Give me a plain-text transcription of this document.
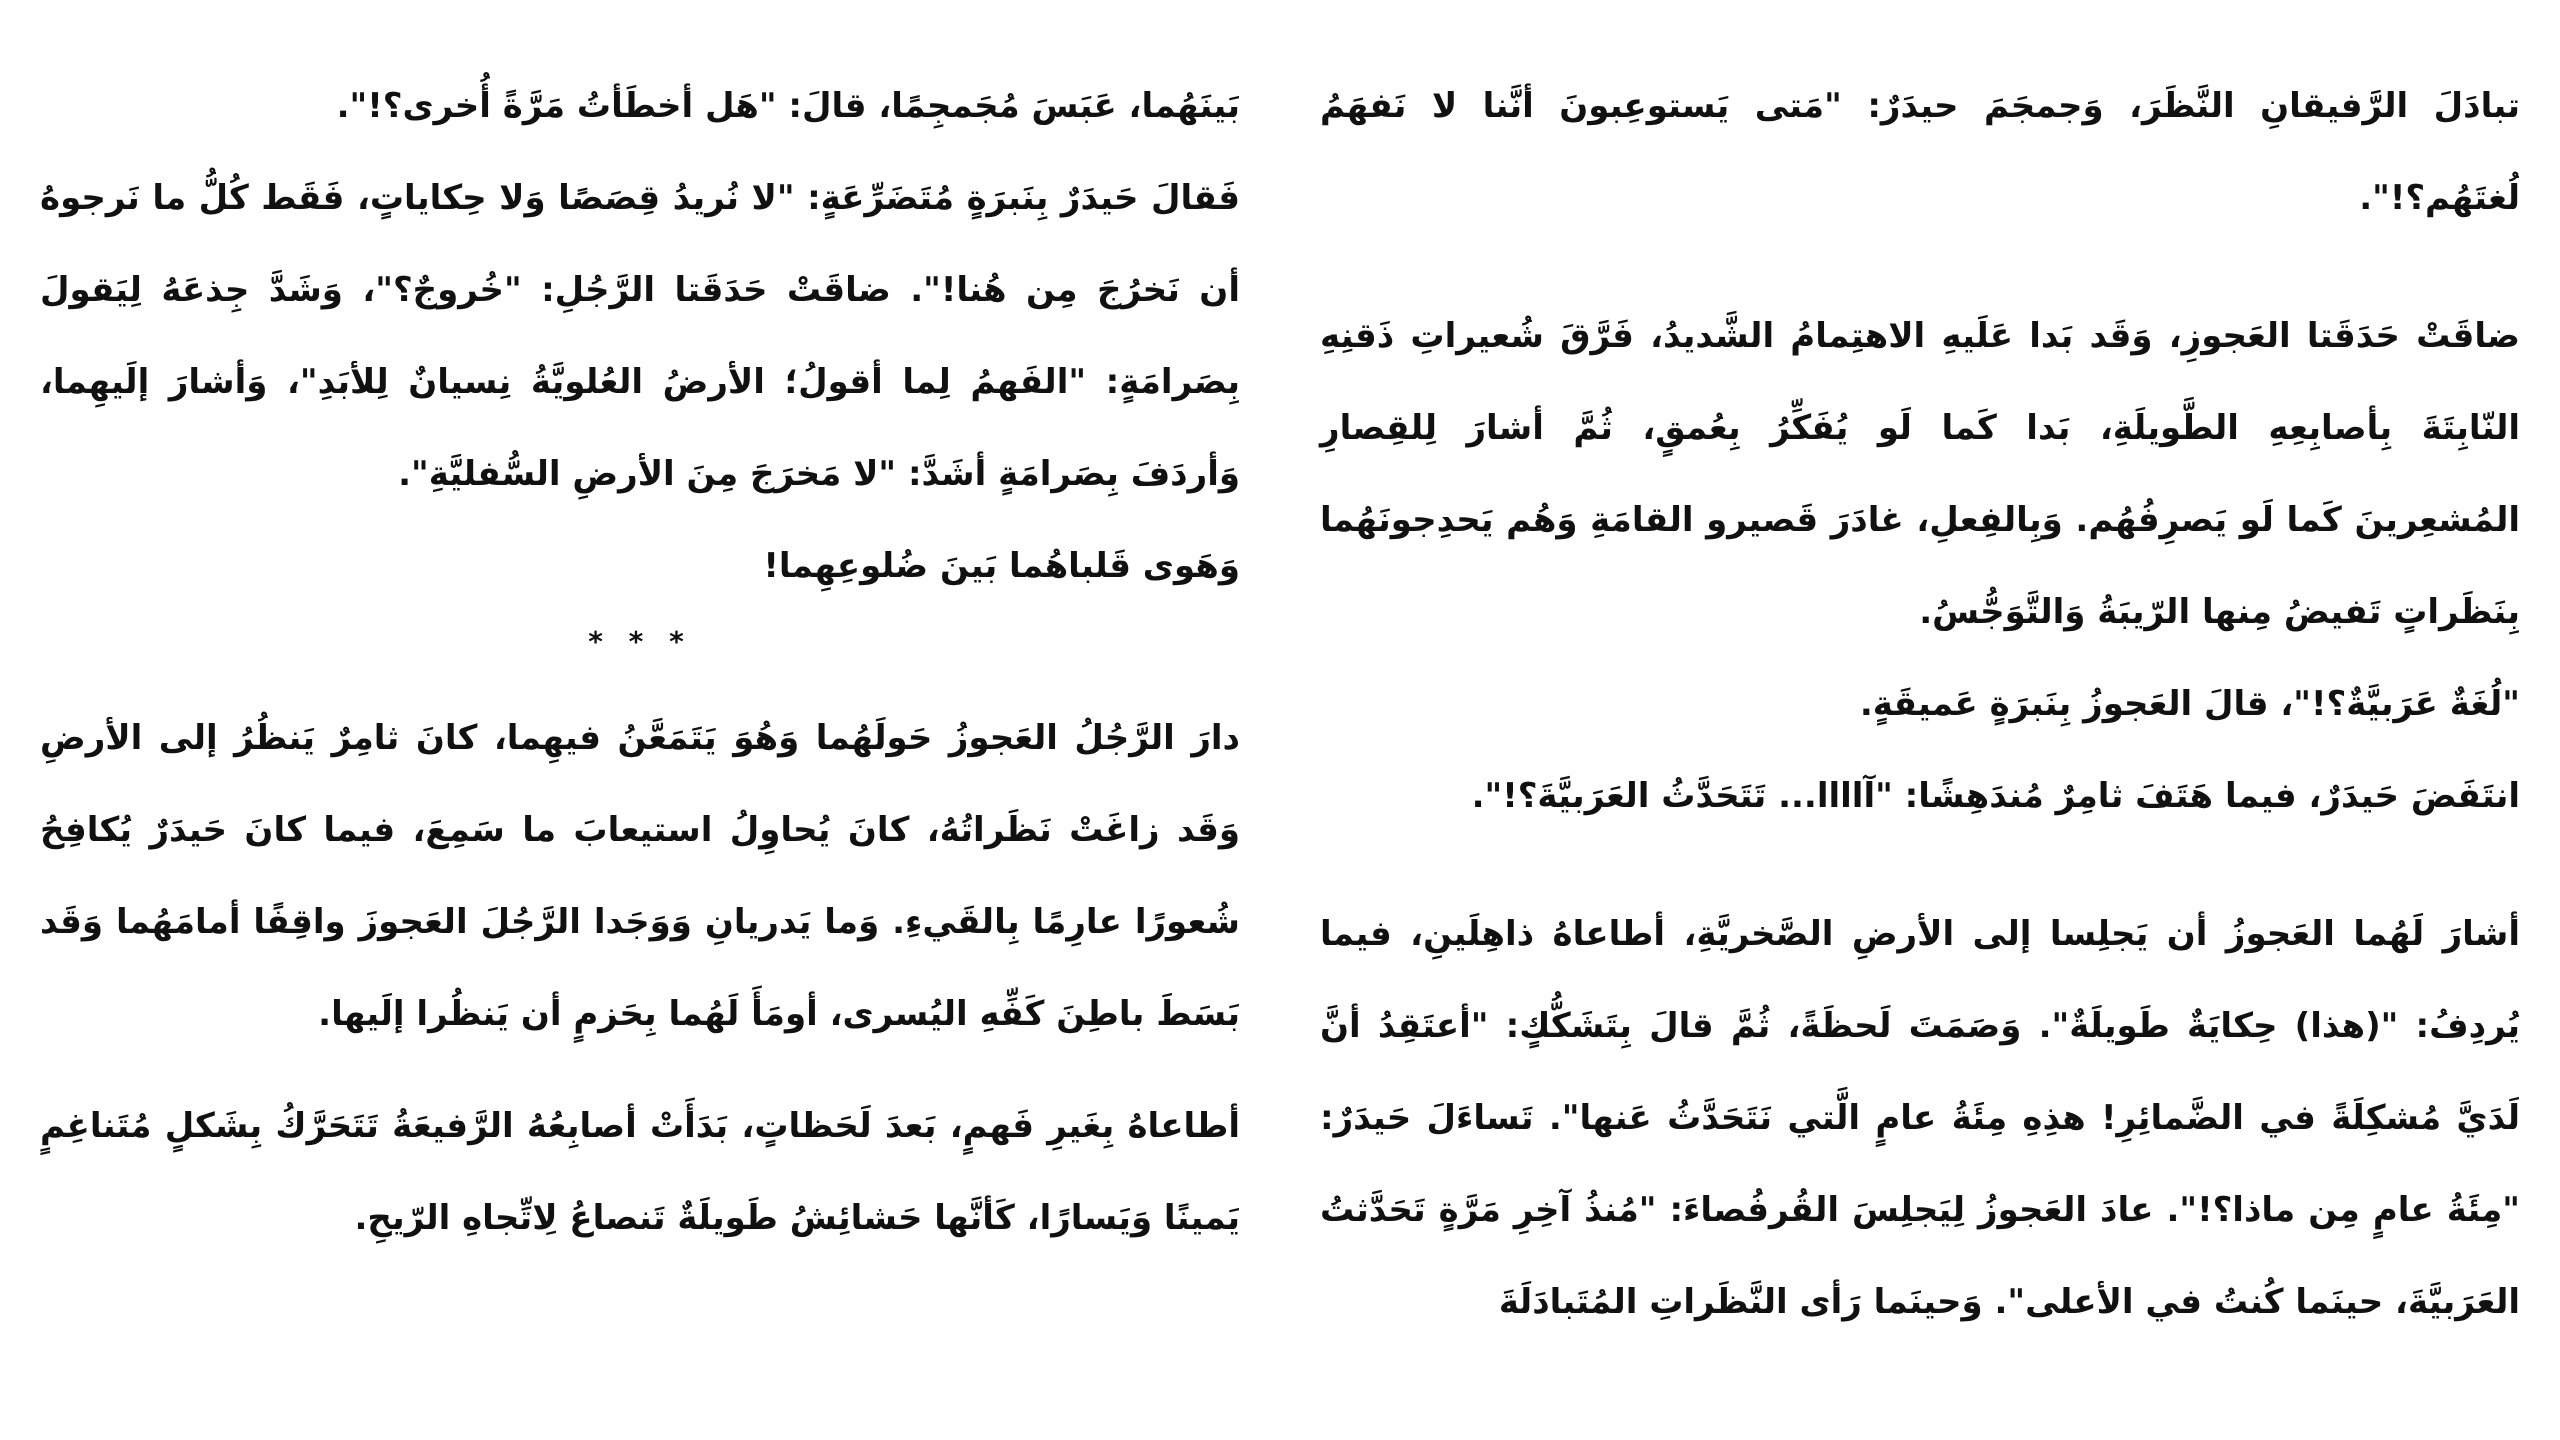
تبادَلَ الرَّفيقانِ النَّظَرَ، وَجمجَمَ حيدَرٌ: "مَتى يَستوعِبونَ أنَّنا لا نَفهَمُ لُغتَهُم؟!".

ضاقَتْ حَدَقَتا العَجوزِ، وَقَد بَدا عَلَيهِ الاهتِمامُ الشَّديدُ، فَرَّقَ شُعيراتِ ذَقنِهِ النّابِتَةَ بِأصابِعِهِ الطَّويلَةِ، بَدا كَما لَو يُفَكِّرُ بِعُمقٍ، ثُمَّ أشارَ لِلقِصارِ المُشعِرينَ كَما لَو يَصرِفُهُم. وَبِالفِعلِ، غادَرَ قَصيرو القامَةِ وَهُم يَحدِجونَهُما بِنَظَراتٍ تَفيضُ مِنها الرّيبَةُ وَالتَّوَجُّسُ.

"لُغَةٌ عَرَبيَّةٌ؟!"، قالَ العَجوزُ بِنَبرَةٍ عَميقَةٍ.

انتَفَضَ حَيدَرٌ، فيما هَتَفَ ثامِرٌ مُندَهِشًا: "آاااا... تَتَحَدَّثُ العَرَبيَّةَ؟!".

أشارَ لَهُما العَجوزُ أن يَجلِسا إلى الأرضِ الصَّخريَّةِ، أطاعاهُ ذاهِلَينِ، فيما يُردِفُ: "(هذا) حِكايَةٌ طَويلَةٌ". وَصَمَتَ لَحظَةً، ثُمَّ قالَ بِتَشَكُّكٍ: "أعتَقِدُ أنَّ لَدَيَّ مُشكِلَةً في الضَّمائِرِ! هذِهِ مِئَةُ عامٍ الَّتي نَتَحَدَّثُ عَنها". تَساءَلَ حَيدَرٌ: "مِئَةُ عامٍ مِن ماذا؟!". عادَ العَجوزُ لِيَجلِسَ القُرفُصاءَ: "مُنذُ آخِرِ مَرَّةٍ تَحَدَّثتُ العَرَبيَّةَ، حينَما كُنتُ في الأعلى". وَحينَما رَأى النَّظَراتِ المُتَبادَلَةَ

بَينَهُما، عَبَسَ مُجَمجِمًا، قالَ: "هَل أخطَأتُ مَرَّةً أُخرى؟!".

فَقالَ حَيدَرٌ بِنَبرَةٍ مُتَضَرِّعَةٍ: "لا نُريدُ قِصَصًا وَلا حِكاياتٍ، فَقَط كُلُّ ما نَرجوهُ أن نَخرُجَ مِن هُنا!". ضاقَتْ حَدَقَتا الرَّجُلِ: "خُروجٌ؟"، وَشَدَّ جِذعَهُ لِيَقولَ بِصَرامَةٍ: "الفَهمُ لِما أقولُ؛ الأرضُ العُلويَّةُ نِسيانٌ لِلأبَدِ"، وَأشارَ إلَيهِما، وَأردَفَ بِصَرامَةٍ أشَدَّ: "لا مَخرَجَ مِنَ الأرضِ السُّفليَّةِ".

وَهَوى قَلباهُما بَينَ ضُلوعِهِما!

* * *

دارَ الرَّجُلُ العَجوزُ حَولَهُما وَهُوَ يَتَمَعَّنُ فيهِما، كانَ ثامِرٌ يَنظُرُ إلى الأرضِ وَقَد زاغَتْ نَظَراتُهُ، كانَ يُحاوِلُ استيعابَ ما سَمِعَ، فيما كانَ حَيدَرٌ يُكافِحُ شُعورًا عارِمًا بِالقَيءِ. وَما يَدريانِ وَوَجَدا الرَّجُلَ العَجوزَ واقِفًا أمامَهُما وَقَد بَسَطَ باطِنَ كَفِّهِ اليُسرى، أومَأَ لَهُما بِحَزمٍ أن يَنظُرا إلَيها.

أطاعاهُ بِغَيرِ فَهمٍ، بَعدَ لَحَظاتٍ، بَدَأَتْ أصابِعُهُ الرَّفيعَةُ تَتَحَرَّكُ بِشَكلٍ مُتَناغِمٍ يَمينًا وَيَسارًا، كَأنَّها حَشائِشُ طَويلَةٌ تَنصاعُ لِاتِّجاهِ الرّيحِ.
